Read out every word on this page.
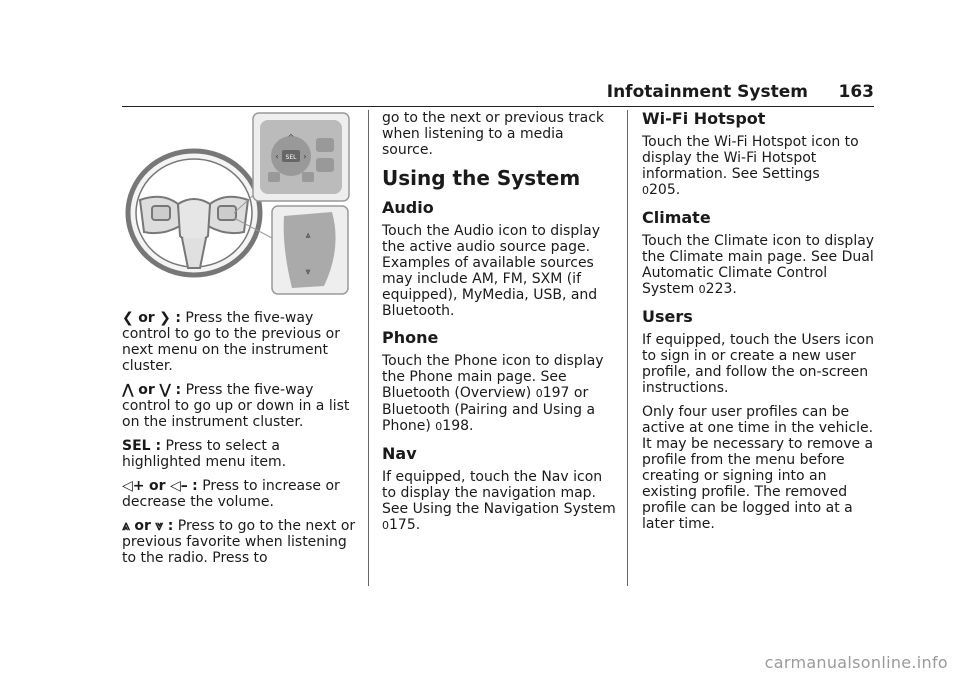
Infotainment System 163
SEL
^
‹	›
⩓
⩔

❮ or ❯ : Press the five-way control to go to the previous or next menu on the instrument cluster.

⋀ or ⋁ : Press the five-way control to go up or down in a list on the instrument cluster.

SEL : Press to select a highlighted menu item.

◁+ or ◁– : Press to increase or decrease the volume.

⩓ or ⩔ : Press to go to the next or previous favorite when listening to the radio. Press to

go to the next or previous track when listening to a media source.

Using the System
Audio

Touch the Audio icon to display the active audio source page. Examples of available sources may include AM, FM, SXM (if equipped), MyMedia, USB, and Bluetooth.

Phone

Touch the Phone icon to display the Phone main page. See Bluetooth (Overview) 0197 or Bluetooth (Pairing and Using a Phone) 0198.

Nav

If equipped, touch the Nav icon to display the navigation map. See Using the Navigation System 0175.

Wi-Fi Hotspot

Touch the Wi-Fi Hotspot icon to display the Wi-Fi Hotspot information. See Settings
0205.

Climate

Touch the Climate icon to display the Climate main page. See Dual Automatic Climate Control System 0223.

Users

If equipped, touch the Users icon to sign in or create a new user profile, and follow the on-screen instructions.

Only four user profiles can be active at one time in the vehicle. It may be necessary to remove a profile from the menu before creating or signing into an existing profile. The removed profile can be logged into at a later time.

carmanualsonline.info
